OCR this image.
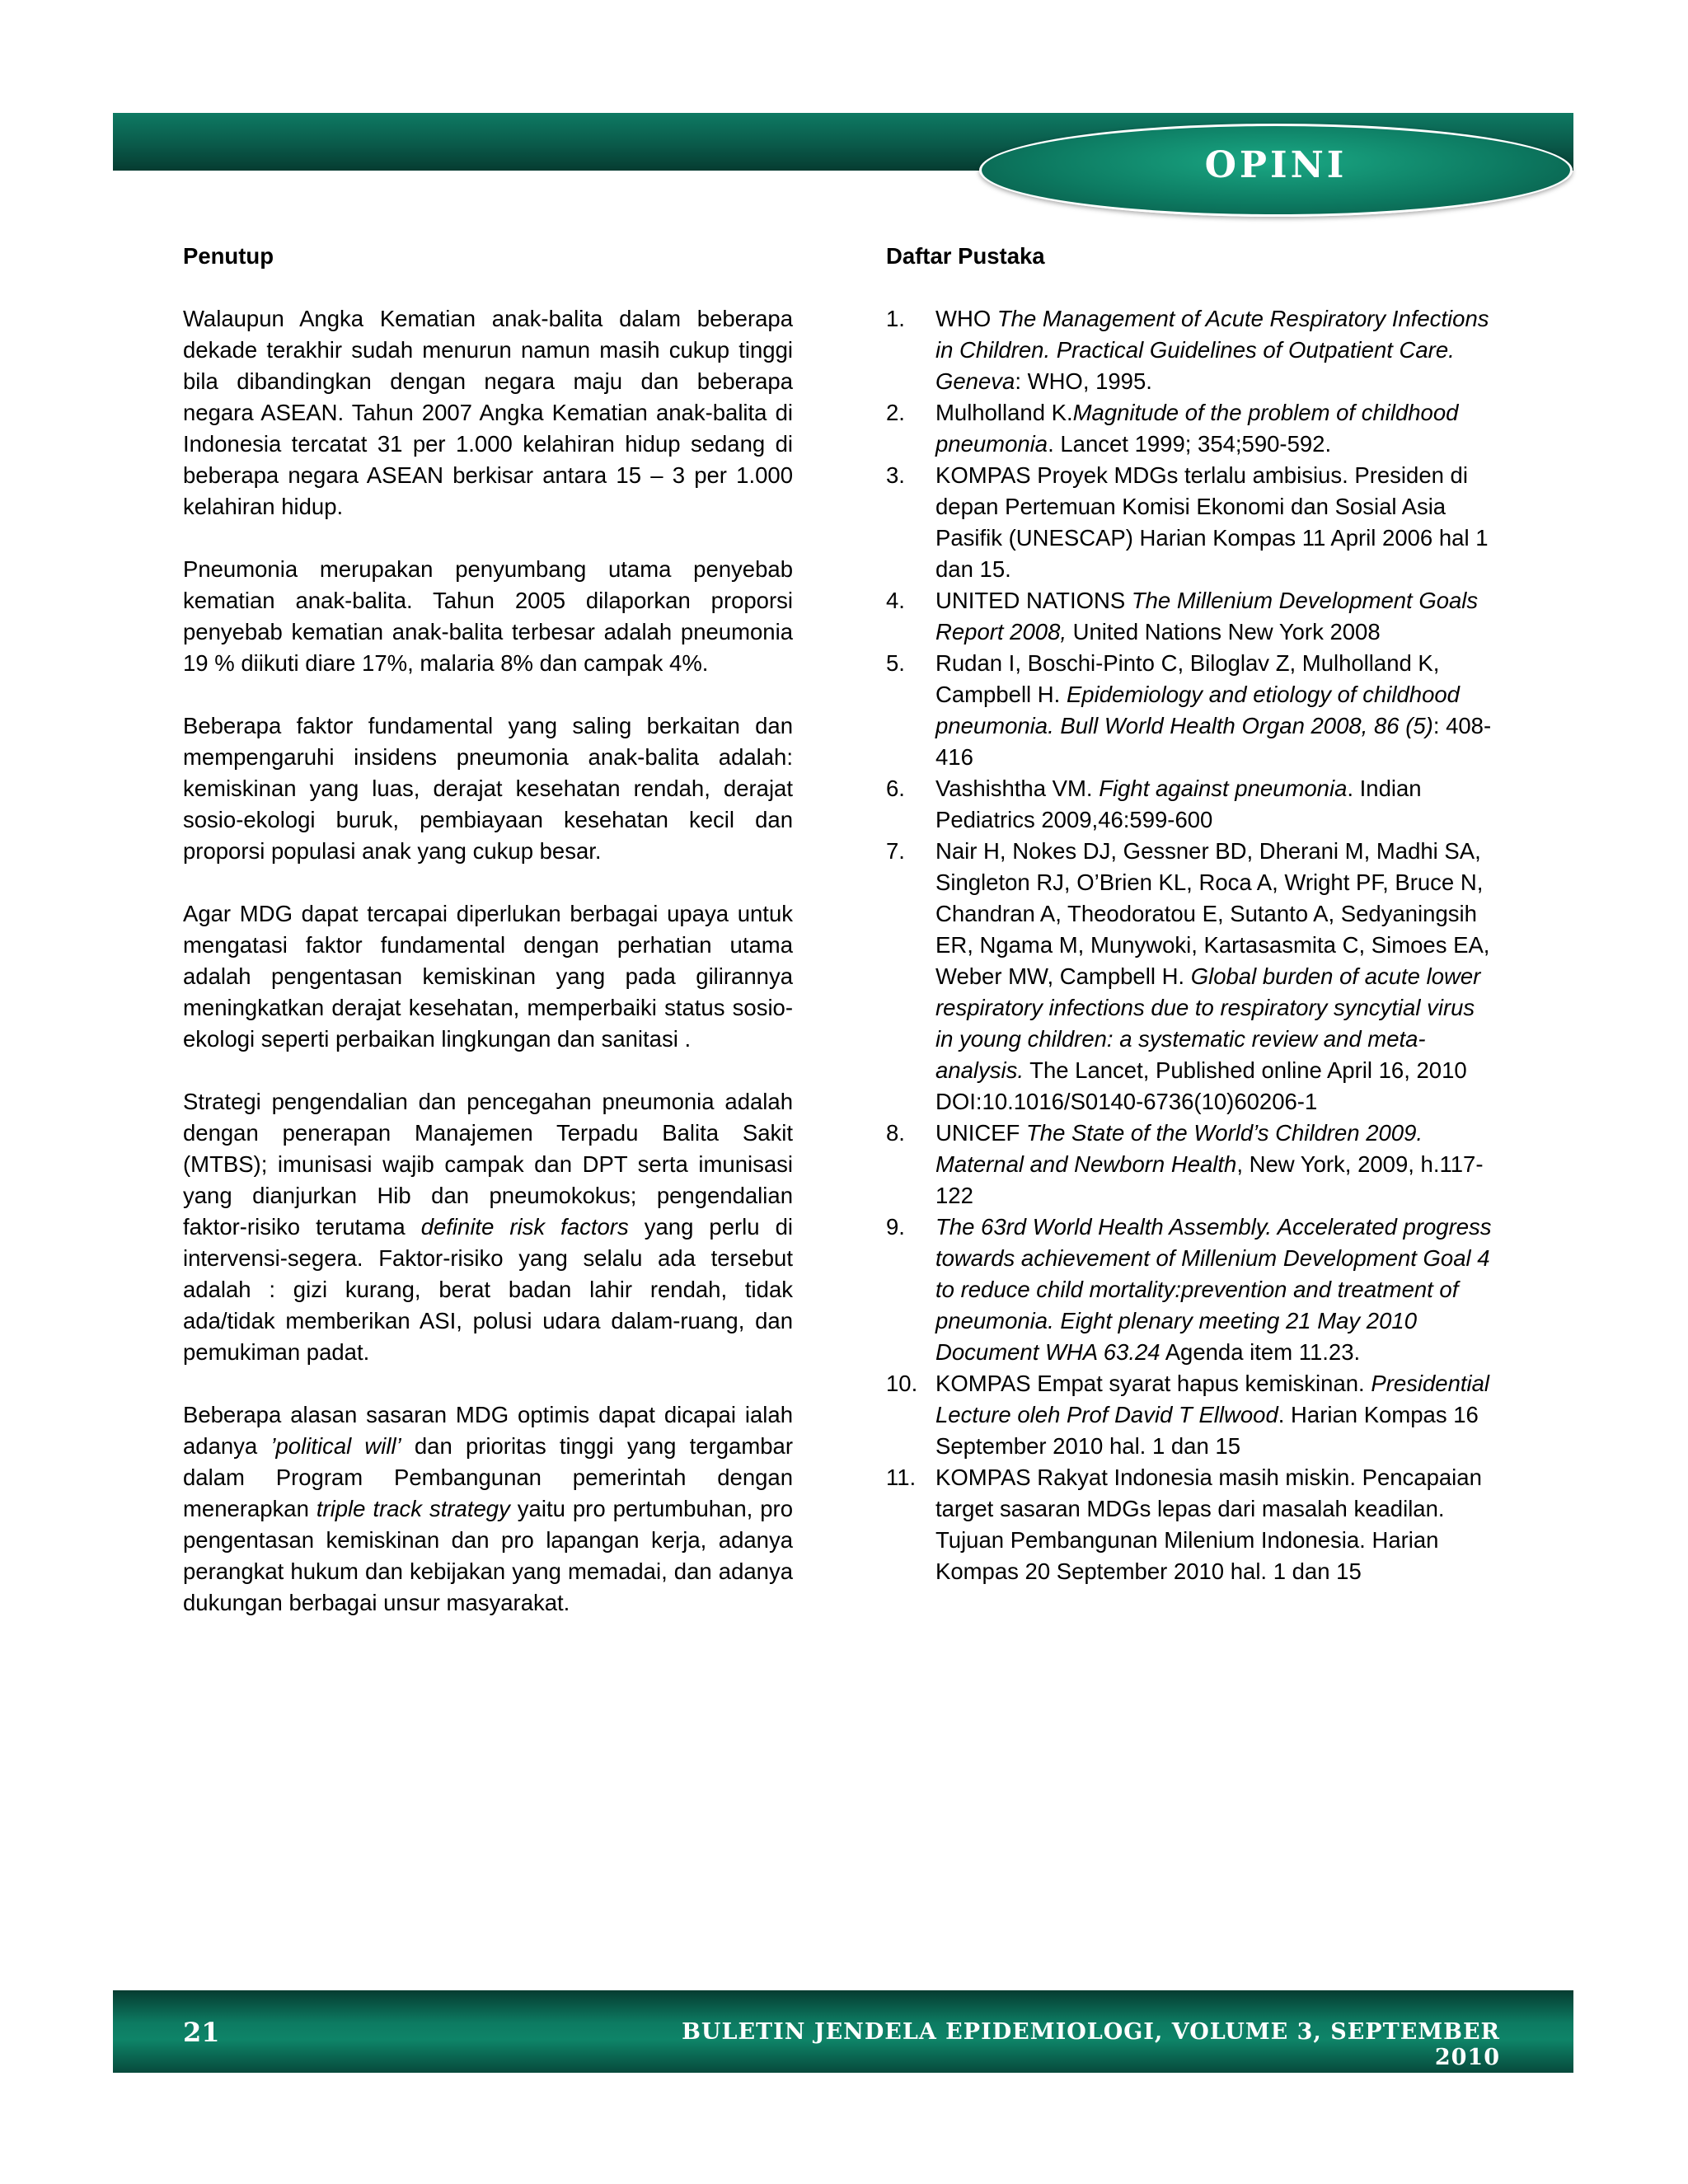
OPINI
Penutup

Walaupun Angka Kematian anak-balita dalam beberapa dekade terakhir sudah menurun namun masih cukup tinggi bila dibandingkan dengan negara maju dan beberapa negara ASEAN. Tahun 2007 Angka Kematian anak-balita di Indonesia tercatat 31 per 1.000 kelahiran hidup sedang di beberapa negara ASEAN berkisar antara 15 – 3 per 1.000 kelahiran hidup.

Pneumonia merupakan penyumbang utama penyebab kematian anak-balita. Tahun 2005 dilaporkan proporsi penyebab kematian anak-balita terbesar adalah pneumonia 19 % diikuti diare 17%, malaria 8% dan campak 4%.

Beberapa faktor fundamental yang saling berkaitan dan mempengaruhi insidens pneumonia anak-balita adalah: kemiskinan yang luas, derajat kesehatan rendah, derajat sosio-ekologi buruk, pembiayaan kesehatan kecil dan proporsi populasi anak yang cukup besar.

Agar MDG dapat tercapai diperlukan berbagai upaya untuk mengatasi faktor fundamental dengan perhatian utama adalah pengentasan kemiskinan yang pada gilirannya meningkatkan derajat kesehatan, memperbaiki status sosio-ekologi seperti perbaikan lingkungan dan sanitasi .

Strategi pengendalian dan pencegahan pneumonia adalah dengan penerapan Manajemen Terpadu Balita Sakit (MTBS); imunisasi wajib campak dan DPT serta imunisasi yang dianjurkan Hib dan pneumokokus; pengendalian faktor-risiko terutama definite risk factors yang perlu di intervensi-segera. Faktor-risiko yang selalu ada tersebut adalah : gizi kurang, berat badan lahir rendah, tidak ada/tidak memberikan ASI, polusi udara dalam-ruang, dan pemukiman padat.

Beberapa alasan sasaran MDG optimis dapat dicapai ialah adanya ’political will’ dan prioritas tinggi yang tergambar dalam Program Pembangunan pemerintah dengan menerapkan triple track strategy yaitu pro pertumbuhan, pro pengentasan kemiskinan dan pro lapangan kerja, adanya perangkat hukum dan kebijakan yang memadai, dan adanya dukungan berbagai unsur masyarakat.

Daftar Pustaka
1. WHO The Management of Acute Respiratory Infections in Children. Practical Guidelines of Outpatient Care. Geneva: WHO, 1995.
2. Mulholland K.Magnitude of the problem of childhood pneumonia. Lancet 1999; 354;590-592.
3. KOMPAS Proyek MDGs terlalu ambisius. Presiden di depan Pertemuan Komisi Ekonomi dan Sosial Asia Pasifik (UNESCAP) Harian Kompas 11 April 2006 hal 1 dan 15.
4. UNITED NATIONS The Millenium Development Goals Report 2008, United Nations New York 2008
5. Rudan I, Boschi-Pinto C, Biloglav Z, Mulholland K, Campbell H. Epidemiology and etiology of childhood pneumonia. Bull World Health Organ 2008, 86 (5): 408-416
6. Vashishtha VM. Fight against pneumonia. Indian Pediatrics 2009,46:599-600
7. Nair H, Nokes DJ, Gessner BD, Dherani M, Madhi SA, Singleton RJ, O’Brien KL, Roca A, Wright PF, Bruce N, Chandran A, Theodoratou E, Sutanto A, Sedyaningsih ER, Ngama M, Munywoki, Kartasasmita C, Simoes EA, Weber MW, Campbell H. Global burden of acute lower respiratory infections due to respiratory syncytial virus in young children: a systematic review and meta-analysis. The Lancet, Published online April 16, 2010 DOI:10.1016/S0140-6736(10)60206-1
8. UNICEF The State of the World’s Children 2009. Maternal and Newborn Health, New York, 2009, h.117-122
9. The 63rd World Health Assembly. Accelerated progress towards achievement of Millenium Development Goal 4 to reduce child mortality:prevention and treatment of pneumonia. Eight plenary meeting 21 May 2010 Document WHA 63.24 Agenda item 11.23.
10. KOMPAS Empat syarat hapus kemiskinan. Presidential Lecture oleh Prof David T Ellwood. Harian Kompas 16 September 2010 hal. 1 dan 15
11. KOMPAS Rakyat Indonesia masih miskin. Pencapaian target sasaran MDGs lepas dari masalah keadilan. Tujuan Pembangunan Milenium Indonesia. Harian Kompas 20 September 2010 hal. 1 dan 15
21	BULETIN JENDELA EPIDEMIOLOGI, VOLUME 3, SEPTEMBER 2010
